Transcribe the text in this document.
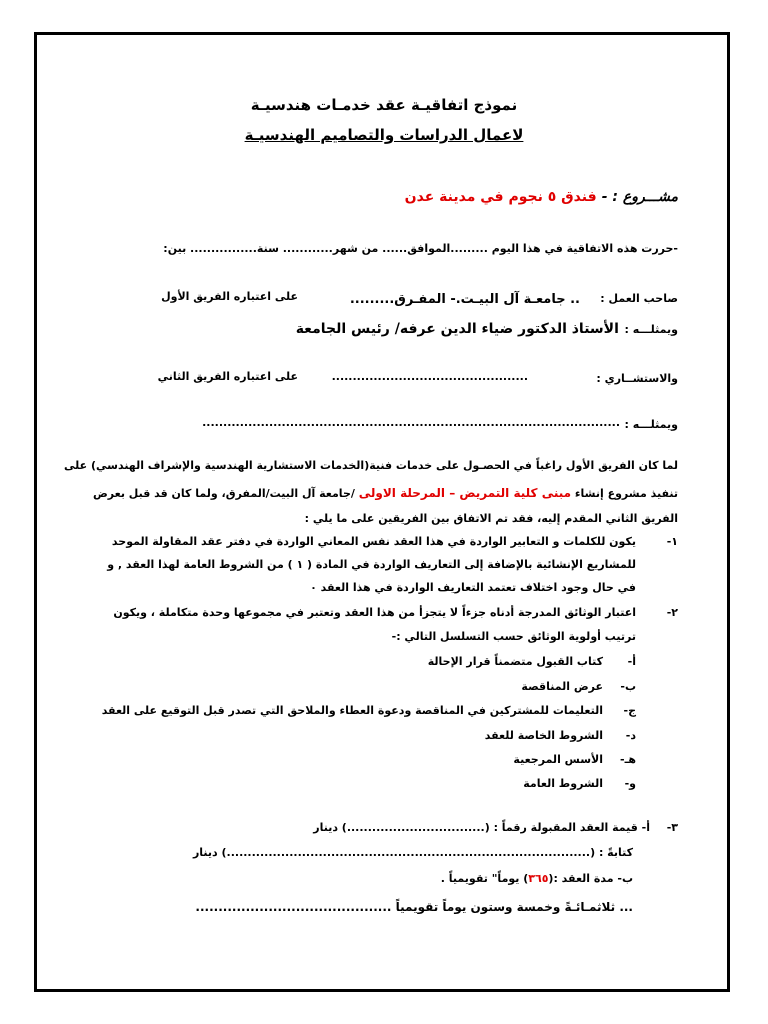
نموذج اتفاقيـة عقد خدمـات هندسيـة
لاعمال الدراسات والتصاميم الهندسيـة
مشـــروع : - فندق ٥ نجوم في مدينة عدن
-حررت هذه الاتفاقية في هذا اليوم .........الموافق...... من شهر............ سنة................ بين:
صاحب العمل :
.. جامعـة آل البيـت.- المفـرق.........
على اعتباره الفريق الأول
ويمثلـــه : الأستاذ الدكتور ضياء الدين عرفه/ رئيس الجامعة
والاستشــاري :
...............................................
على اعتباره الفريق الثاني
ويمثلـــه :
....................................................................................................
لما كان الفريق الأول راغباً في الحصـول على خدمات فنية(الخدمات الاستشارية الهندسية والإشراف الهندسي) على
تنفيذ مشروع إنشاء مبنى كلية التمريض – المرحلة الاولى /جامعة آل البيت/المفرق، ولما كان قد قبل بعرض
الفريق الثاني المقدم إليه، فقد تم الاتفاق بين الفريقين على ما يلي :
١-
يكون للكلمات و التعابير الواردة في هذا العقد نفس المعاني الواردة في دفتر عقد المقاولة الموحد
للمشاريع الإنشائية بالإضافة إلى التعاريف الواردة في المادة ( ١ ) من الشروط العامة لهذا العقد , و
في حال وجود اختلاف تعتمد التعاريف الواردة في هذا العقد ٠
٢-
اعتبار الوثائق المدرجة أدناه جزءاً لا يتجزأ من هذا العقد وتعتبر في مجموعها وحدة متكاملة ، ويكون
ترتيب أولوية الوثائق حسب التسلسل التالي :-
أ-
كتاب القبول متضمناً قرار الإحالة
ب-
عرض المناقصة
ج-
التعليمات للمشتركين في المناقصة ودعوة العطاء والملاحق التي تصدر قبل التوقيع على العقد
د-
الشروط الخاصة للعقد
هـ-
الأسس المرجعية
و-
الشروط العامة
٣-
أ- قيمة العقد المقبولة رقماً : (.................................) دينار
كتابةً : (.......................................................................................) دينار
ب- مدة العقد :(٣٦٥) يوماً" تقويمياً .
... ثلاثمـائـةً وخمسة وستون يوماً تقويمياً ...........................................
